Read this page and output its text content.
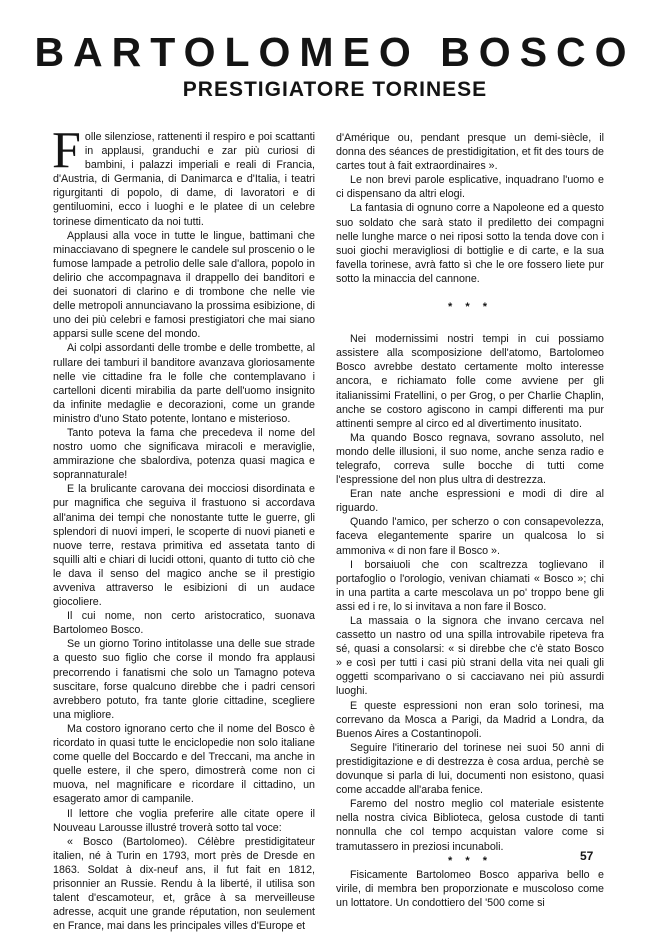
BARTOLOMEO BOSCO
PRESTIGIATORE TORINESE

Folle silenziose, rattenenti il respiro e poi scattanti in applausi, granduchi e zar più curiosi di bambini, i palazzi imperiali e reali di Francia, d'Austria, di Germania, di Danimarca e d'Italia, i teatri rigurgitanti di popolo, di dame, di lavoratori e di gentiluomini, ecco i luoghi e le platee di un celebre torinese dimenticato da noi tutti.

Applausi alla voce in tutte le lingue, battimani che minacciavano di spegnere le candele sul proscenio o le fumose lampade a petrolio delle sale d'allora, popolo in delirio che accompagnava il drappello dei banditori e dei suonatori di clarino e di trombone che nelle vie delle metropoli annunciavano la prossima esibizione, di uno dei più celebri e famosi prestigiatori che mai siano apparsi sulle scene del mondo.

Ai colpi assordanti delle trombe e delle trombette, al rullare dei tamburi il banditore avanzava gloriosamente nelle vie cittadine fra le folle che contemplavano i cartelloni dicenti mirabilia da parte dell'uomo insignito da infinite medaglie e decorazioni, come un grande ministro d'uno Stato potente, lontano e misterioso.

Tanto poteva la fama che precedeva il nome del nostro uomo che significava miracoli e meraviglie, ammirazione che sbalordiva, potenza quasi magica e soprannaturale!

E la brulicante carovana dei mocciosi disordinata e pur magnifica che seguiva il frastuono si accordava all'anima dei tempi che nonostante tutte le guerre, gli splendori di nuovi imperi, le scoperte di nuovi pianeti e nuove terre, restava primitiva ed assetata tanto di squilli alti e chiari di lucidi ottoni, quanto di tutto ciò che le dava il senso del magico anche se il prestigio avveniva attraverso le esibizioni di un audace giocoliere.

Il cui nome, non certo aristocratico, suonava Bartolomeo Bosco.

Se un giorno Torino intitolasse una delle sue strade a questo suo figlio che corse il mondo fra applausi precorrendo i fanatismi che solo un Tamagno poteva suscitare, forse qualcuno direbbe che i padri censori avrebbero potuto, fra tante glorie cittadine, scegliere una migliore.

Ma costoro ignorano certo che il nome del Bosco è ricordato in quasi tutte le enciclopedie non solo italiane come quelle del Boccardo e del Treccani, ma anche in quelle estere, il che spero, dimostrerà come non ci muova, nel magnificare e ricordare il cittadino, un esagerato amor di campanile.

Il lettore che voglia preferire alle citate opere il Nouveau Larousse illustré troverà sotto tal voce:

« Bosco (Bartolomeo). Célèbre prestidigitateur italien, né à Turin en 1793, mort près de Dresde en 1863. Soldat à dix-neuf ans, il fut fait en 1812, prisonnier an Russie. Rendu à la liberté, il utilisa son talent d'escamoteur, et, grâce à sa merveilleuse adresse, acquit une grande réputation, non seulement en France, mai dans les principales villes d'Europe et

d'Amérique ou, pendant presque un demi-siècle, il donna des séances de prestidigitation, et fit des tours de cartes tout à fait extraordinaires ».

Le non brevi parole esplicative, inquadrano l'uomo e ci dispensano da altri elogi.

La fantasia di ognuno corre a Napoleone ed a questo suo soldato che sarà stato il prediletto dei compagni nelle lunghe marce o nei riposi sotto la tenda dove con i suoi giochi meravigliosi di bottiglie e di carte, e la sua favella torinese, avrà fatto sì che le ore fossero liete pur sotto la minaccia del cannone.

* * *

Nei modernissimi nostri tempi in cui possiamo assistere alla scomposizione dell'atomo, Bartolomeo Bosco avrebbe destato certamente molto interesse ancora, e richiamato folle come avviene per gli italianissimi Fratellini, o per Grog, o per Charlie Chaplin, anche se costoro agiscono in campi differenti ma pur attinenti sempre al circo ed al divertimento inusitato.

Ma quando Bosco regnava, sovrano assoluto, nel mondo delle illusioni, il suo nome, anche senza radio e telegrafo, correva sulle bocche di tutti come l'espressione del non plus ultra di destrezza.

Eran nate anche espressioni e modi di dire al riguardo.

Quando l'amico, per scherzo o con consapevolezza, faceva elegantemente sparire un qualcosa lo si ammoniva « di non fare il Bosco ».

I borsaiuoli che con scaltrezza toglievano il portafoglio o l'orologio, venivan chiamati « Bosco »; chi in una partita a carte mescolava un po' troppo bene gli assi ed i re, lo si invitava a non fare il Bosco.

La massaia o la signora che invano cercava nel cassetto un nastro od una spilla introvabile ripeteva fra sé, quasi a consolarsi: « si direbbe che c'è stato Bosco » e così per tutti i casi più strani della vita nei quali gli oggetti scomparivano o si cacciavano nei più assurdi luoghi.

E queste espressioni non eran solo torinesi, ma correvano da Mosca a Parigi, da Madrid a Londra, da Buenos Aires a Costantinopoli.

Seguire l'itinerario del torinese nei suoi 50 anni di prestidigitazione e di destrezza è cosa ardua, perchè se dovunque si parla di lui, documenti non esistono, quasi come accadde all'araba fenice.

Faremo del nostro meglio col materiale esistente nella nostra civica Biblioteca, gelosa custode di tanti nonnulla che col tempo acquistan valore come si tramutassero in preziosi incunaboli.

* * *

Fisicamente Bartolomeo Bosco appariva bello e virile, di membra ben proporzionate e muscoloso come un lottatore. Un condottiero del '500 come si

57
